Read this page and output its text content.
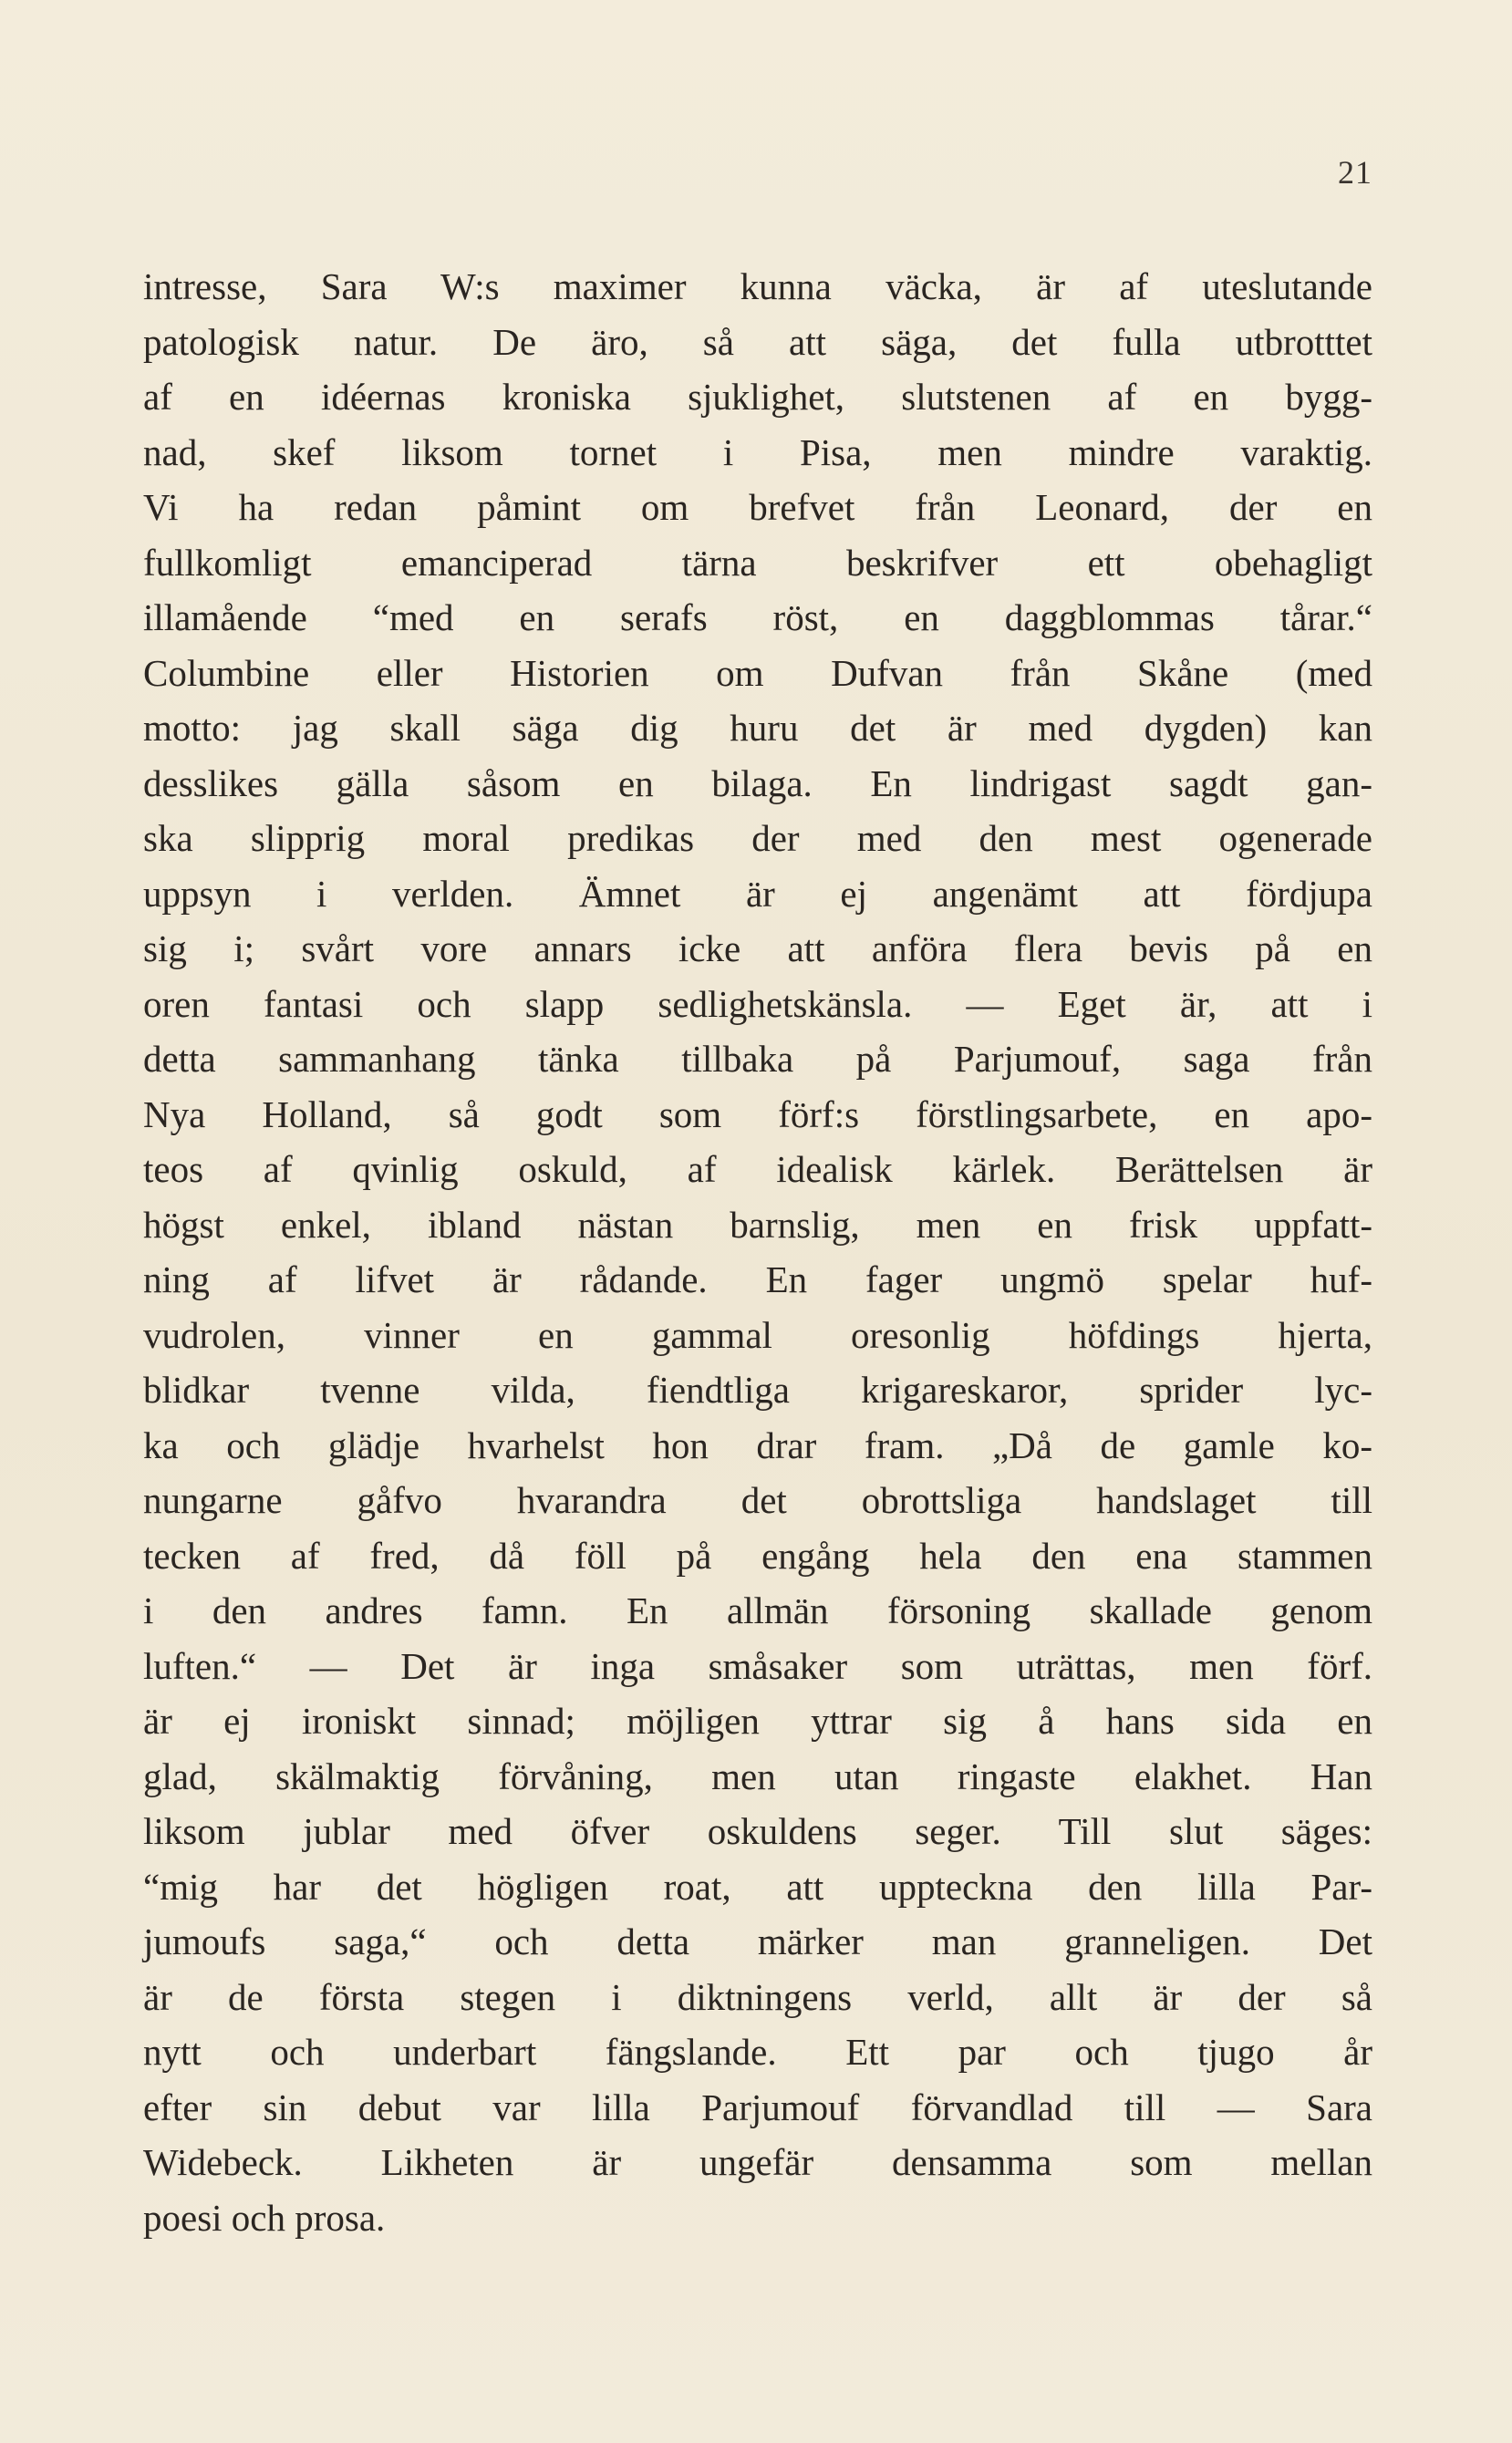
21
intresse, Sara W:s maximer kunna väcka, är af uteslutande
patologisk natur. De äro, så att säga, det fulla utbrotttet
af en idéernas kroniska sjuklighet, slutstenen af en bygg-
nad, skef liksom tornet i Pisa, men mindre varaktig.
Vi ha redan påmint om brefvet från Leonard, der en
fullkomligt emanciperad tärna beskrifver ett obehagligt
illamående “med en serafs röst, en daggblommas tårar.“
Columbine eller Historien om Dufvan från Skåne (med
motto: jag skall säga dig huru det är med dygden) kan
desslikes gälla såsom en bilaga. En lindrigast sagdt gan-
ska slipprig moral predikas der med den mest ogenerade
uppsyn i verlden. Ämnet är ej angenämt att fördjupa
sig i; svårt vore annars icke att anföra flera bevis på en
oren fantasi och slapp sedlighetskänsla. — Eget är, att i
detta sammanhang tänka tillbaka på Parjumouf, saga från
Nya Holland, så godt som förf:s förstlingsarbete, en apo-
teos af qvinlig oskuld, af idealisk kärlek. Berättelsen är
högst enkel, ibland nästan barnslig, men en frisk uppfatt-
ning af lifvet är rådande. En fager ungmö spelar huf-
vudrolen, vinner en gammal oresonlig höfdings hjerta,
blidkar tvenne vilda, fiendtliga krigareskaror, sprider lyc-
ka och glädje hvarhelst hon drar fram. „Då de gamle ko-
nungarne gåfvo hvarandra det obrottsliga handslaget till
tecken af fred, då föll på engång hela den ena stammen
i den andres famn. En allmän försoning skallade genom
luften.“ — Det är inga småsaker som uträttas, men förf.
är ej ironiskt sinnad; möjligen yttrar sig å hans sida en
glad, skälmaktig förvåning, men utan ringaste elakhet. Han
liksom jublar med öfver oskuldens seger. Till slut säges:
“mig har det högligen roat, att uppteckna den lilla Par-
jumoufs saga,“ och detta märker man granneligen. Det
är de första stegen i diktningens verld, allt är der så
nytt och underbart fängslande. Ett par och tjugo år
efter sin debut var lilla Parjumouf förvandlad till — Sara
Widebeck. Likheten är ungefär densamma som mellan
poesi och prosa.
